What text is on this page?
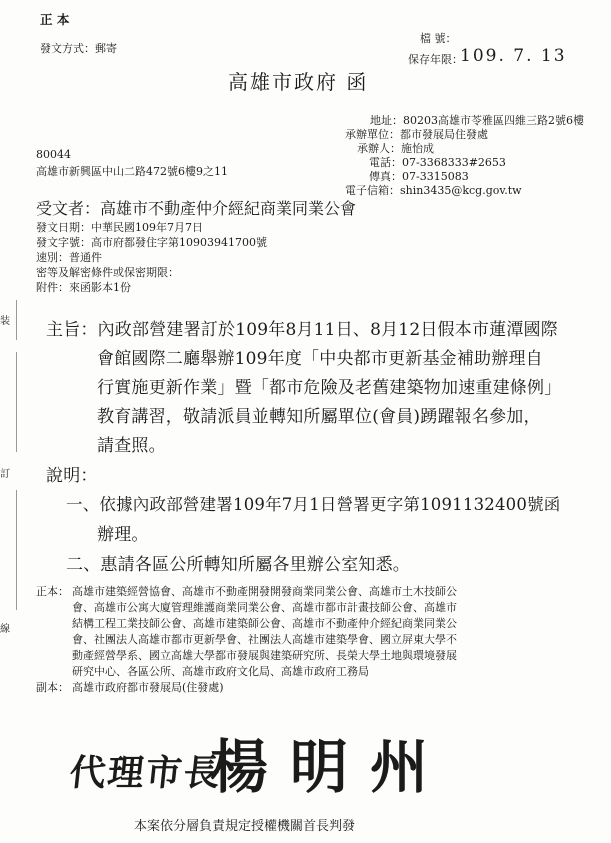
正 本
發文方式：郵寄
檔 號：
保存年限：
109. 7. 13
高雄市政府 函
地址：80203高雄市苓雅區四維三路2號6樓
承辦單位：都市發展局住發處
承辦人：施怡成
電話：07-3368333#2653
傳真：07-3315083
電子信箱：shin3435@kcg.gov.tw
80044
高雄市新興區中山二路472號6樓9之11
受文者：高雄市不動產仲介經紀商業同業公會
發文日期：中華民國109年7月7日
發文字號：高市府都發住字第10903941700號
速別：普通件
密等及解密條件或保密期限：
附件：來函影本1份
装
訂
線
主旨：內政部營建署訂於109年8月11日、8月12日假本市蓮潭國際
會館國際二廳舉辦109年度「中央都市更新基金補助辦理自
行實施更新作業」暨「都市危險及老舊建築物加速重建條例」
教育講習，敬請派員並轉知所屬單位(會員)踴躍報名參加，
請查照。
說明：
一、依據內政部營建署109年7月1日營署更字第1091132400號函
辦理。
二、惠請各區公所轉知所屬各里辦公室知悉。
正本： 高雄市建築經營協會、高雄市不動產開發開發商業同業公會、高雄市土木技師公
會、高雄市公寓大廈管理維護商業同業公會、高雄市都市計畫技師公會、高雄市
結構工程工業技師公會、高雄市建築師公會、高雄市不動產仲介經紀商業同業公
會、社團法人高雄市都市更新學會、社團法人高雄市建築學會、國立屏東大學不
動產經營學系、國立高雄大學都市發展與建築研究所、長榮大學土地與環境發展
研究中心、各區公所、高雄市政府文化局、高雄市政府工務局
副本： 高雄市政府都市發展局(住發處)
代理市長
楊明州
本案依分層負責規定授權機關首長判發
